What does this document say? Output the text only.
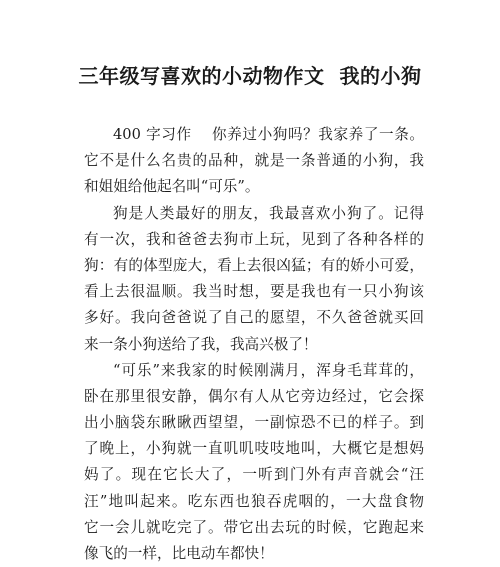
三年级写喜欢的小动物作文  我的小狗
400 字习作　 你养过小狗吗？我家养了一条。
它不是什么名贵的品种，就是一条普通的小狗，我
和姐姐给他起名叫“可乐”。
狗是人类最好的朋友，我最喜欢小狗了。记得
有一次，我和爸爸去狗市上玩，见到了各种各样的
狗：有的体型庞大，看上去很凶猛；有的娇小可爱，
看上去很温顺。我当时想，要是我也有一只小狗该
多好。我向爸爸说了自己的愿望，不久爸爸就买回
来一条小狗送给了我，我高兴极了！
“可乐”来我家的时候刚满月，浑身毛茸茸的，
卧在那里很安静，偶尔有人从它旁边经过，它会探
出小脑袋东瞅瞅西望望，一副惊恐不已的样子。到
了晚上，小狗就一直叽叽吱吱地叫，大概它是想妈
妈了。现在它长大了，一听到门外有声音就会“汪
汪”地叫起来。吃东西也狼吞虎咽的，一大盘食物
它一会儿就吃完了。带它出去玩的时候，它跑起来
像飞的一样，比电动车都快！
